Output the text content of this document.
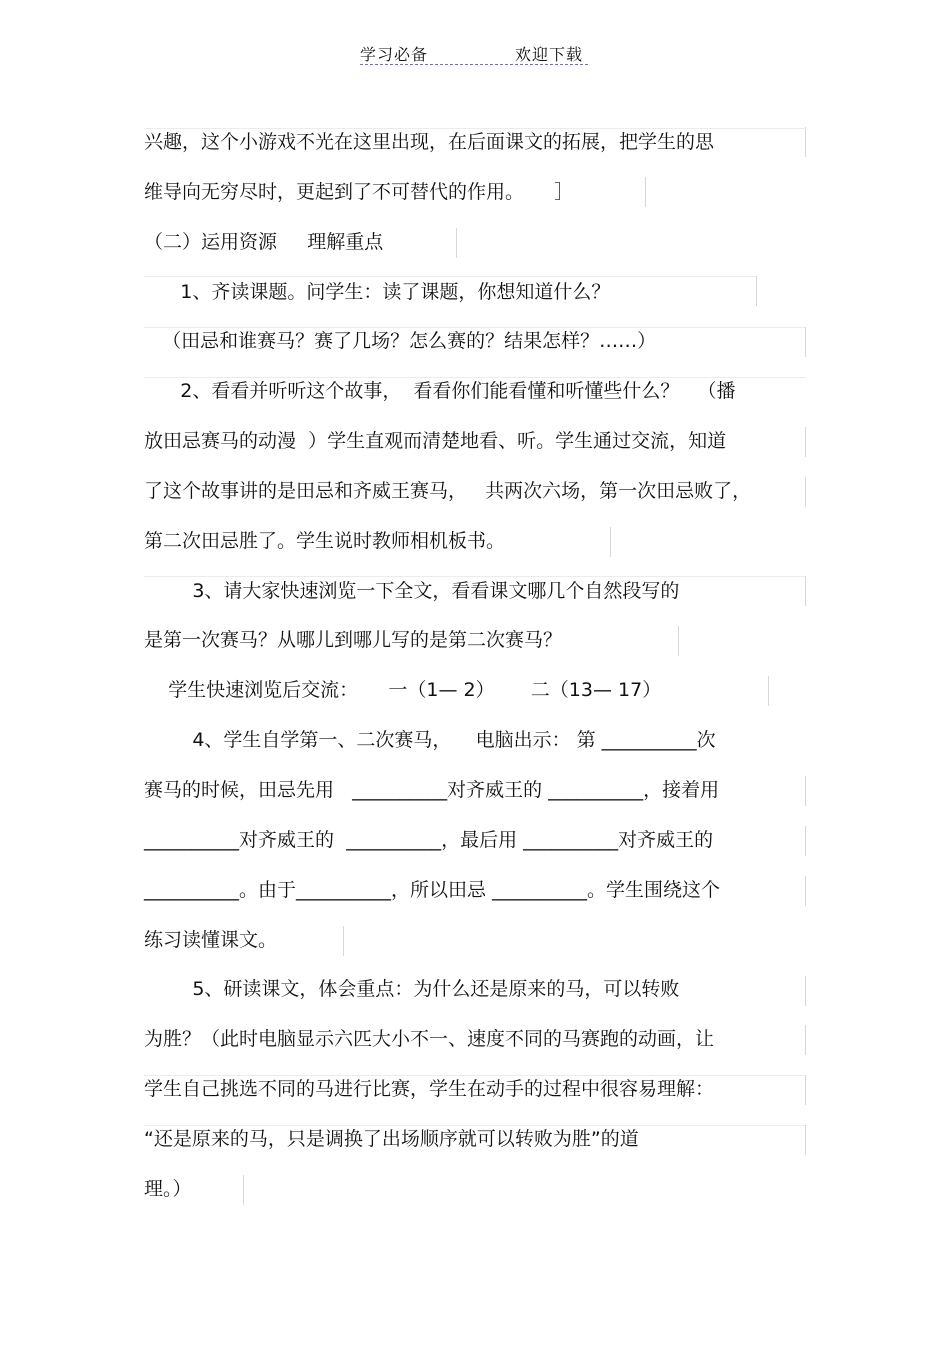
学习必备	欢迎下载
兴趣，这个小游戏不光在这里出现，在后面课文的拓展，把学生的思
维导向无穷尽时，更起到了不可替代的作用。     ］
（二）运用资源     理解重点
1、齐读课题。问学生：读了课题，你想知道什么？
（田忌和谁赛马？赛了几场？怎么赛的？结果怎样？……）
2、看看并听听这个故事，  看看你们能看懂和听懂些什么？   （播
放田忌赛马的动漫  ）学生直观而清楚地看、听。学生通过交流，知道
了这个故事讲的是田忌和齐威王赛马，   共两次六场，第一次田忌败了，
第二次田忌胜了。学生说时教师相机板书。
3、请大家快速浏览一下全文，看看课文哪几个自然段写的
是第一次赛马？从哪儿到哪儿写的是第二次赛马？
学生快速浏览后交流：     一（1— 2）      二（13— 17）
4、学生自学第一、二次赛马，    电脑出示： 第 __________次
赛马的时候，田忌先用   __________对齐威王的 __________，接着用
__________对齐威王的  __________，最后用 __________对齐威王的
__________。由于__________，所以田忌 __________。学生围绕这个
练习读懂课文。
5、研读课文，体会重点：为什么还是原来的马，可以转败
为胜？（此时电脑显示六匹大小不一、速度不同的马赛跑的动画，让
学生自己挑选不同的马进行比赛，学生在动手的过程中很容易理解：
“还是原来的马，只是调换了出场顺序就可以转败为胜”的道
理。）
